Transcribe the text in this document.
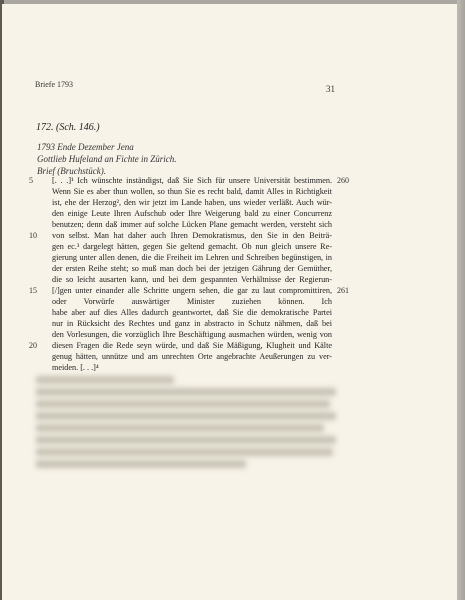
Briefe 1793	31
172. (Sch. 146.)
1793 Ende Dezember Jena
Gottlieb Hufeland an Fichte in Zürich.
Brief (Bruchstück).
[. . .]¹ Ich wünschte inständigst, daß Sie Sich für unsere Universität bestimmen.
Wenn Sie es aber thun wollen, so thun Sie es recht bald, damit Alles in Richtigkeit
ist, ehe der Herzog², den wir jetzt im Lande haben, uns wieder verläßt. Auch wür-
den einige Leute Ihren Aufschub oder Ihre Weigerung bald zu einer Concurrenz
benutzen; denn daß immer auf solche Lücken Plane gemacht werden, versteht sich
von selbst. Man hat daher auch Ihren Demokratismus, den Sie in den Beiträ-
gen ec.³ dargelegt hätten, gegen Sie geltend gemacht. Ob nun gleich unsere Re-
gierung unter allen denen, die die Freiheit im Lehren und Schreiben begünstigen, in
der ersten Reihe steht; so muß man doch bei der jetzigen Gährung der Gemüther,
die so leicht ausarten kann, und bei dem gespannten Verhältnisse der Regierun-
[/]gen unter einander alle Schritte ungern sehen, die gar zu laut compromittiren,
oder Vorwürfe auswärtiger Minister zuziehen können. Ich
habe aber auf dies Alles dadurch geantwortet, daß Sie die demokratische Partei
nur in Rücksicht des Rechtes und ganz in abstracto in Schutz nähmen, daß bei
den Vorlesungen, die vorzüglich Ihre Beschäftigung ausmachen würden, wenig von
diesen Fragen die Rede seyn würde, und daß Sie Mäßigung, Klugheit und Kälte
genug hätten, unnütze und am unrechten Orte angebrachte Aeußerungen zu ver-
meiden. [. . .]⁴
5
10
15
20
260
261
